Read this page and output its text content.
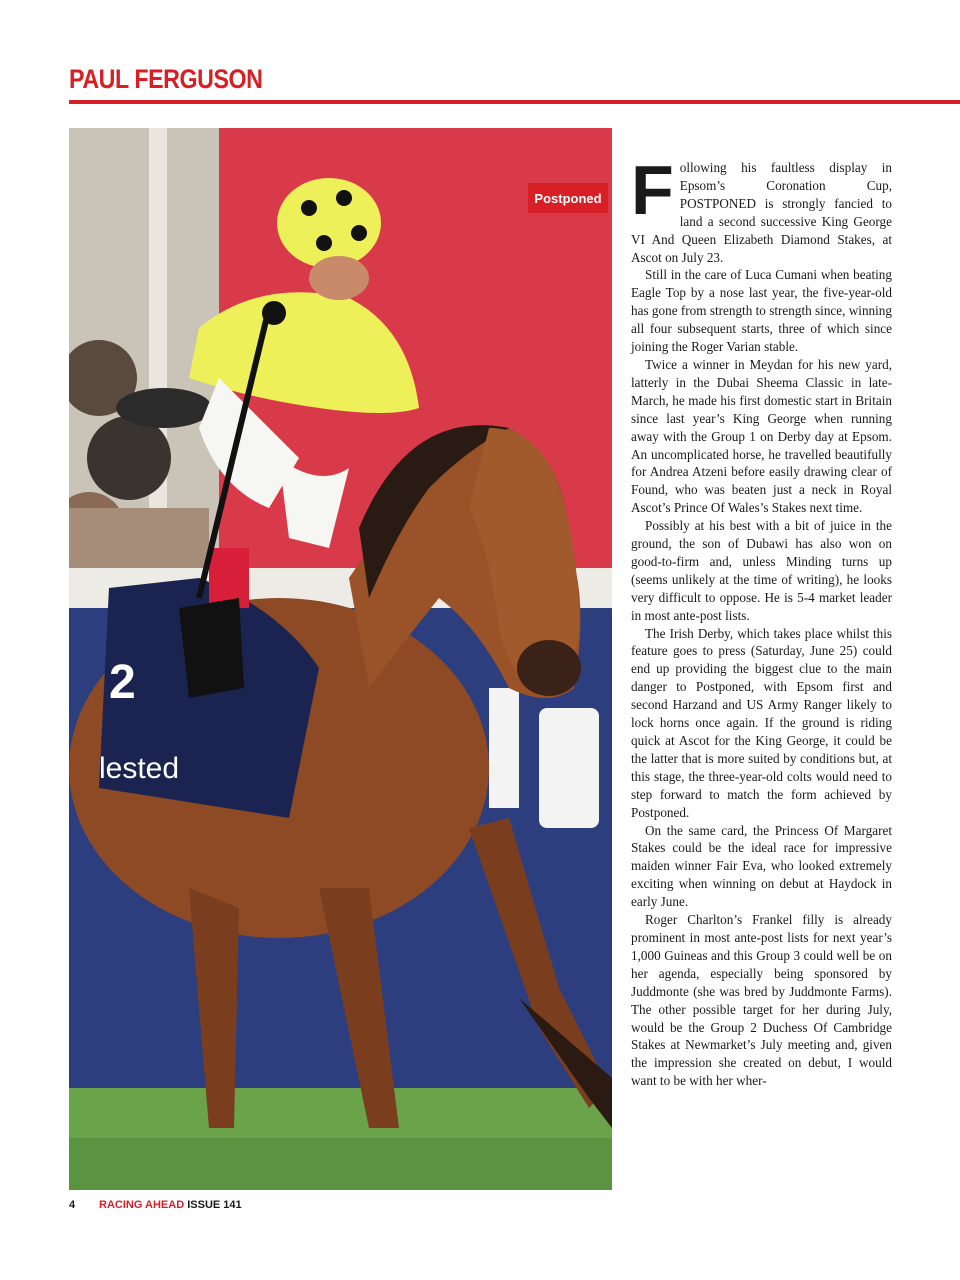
PAUL FERGUSON
2
lested
Postponed Following his faultless display in Epsom’s Coronation Cup, POSTPONED is strongly fancied to land a second successive King George VI And Queen Elizabeth Diamond Stakes, at Ascot on July 23.

Still in the care of Luca Cumani when beating Eagle Top by a nose last year, the five-year-old has gone from strength to strength since, winning all four subsequent starts, three of which since joining the Roger Varian stable.

Twice a winner in Meydan for his new yard, latterly in the Dubai Sheema Classic in late-March, he made his first domestic start in Britain since last year’s King George when running away with the Group 1 on Derby day at Epsom. An uncomplicated horse, he travelled beautifully for Andrea Atzeni before easily drawing clear of Found, who was beaten just a neck in Royal Ascot’s Prince Of Wales’s Stakes next time.

Possibly at his best with a bit of juice in the ground, the son of Dubawi has also won on good-to-firm and, unless Minding turns up (seems unlikely at the time of writing), he looks very difficult to oppose. He is 5-4 market leader in most ante-post lists.

The Irish Derby, which takes place whilst this feature goes to press (Saturday, June 25) could end up providing the biggest clue to the main danger to Postponed, with Epsom first and second Harzand and US Army Ranger likely to lock horns once again. If the ground is riding quick at Ascot for the King George, it could be the latter that is more suited by conditions but, at this stage, the three-year-old colts would need to step forward to match the form achieved by Postponed.

On the same card, the Princess Of Margaret Stakes could be the ideal race for impressive maiden winner Fair Eva, who looked extremely exciting when winning on debut at Haydock in early June.

Roger Charlton’s Frankel filly is already prominent in most ante-post lists for next year’s 1,000 Guineas and this Group 3 could well be on her agenda, especially being sponsored by Juddmonte (she was bred by Juddmonte Farms). The other possible target for her during July, would be the Group 2 Duchess Of Cambridge Stakes at Newmarket’s July meeting and, given the impression she created on debut, I would want to be with her wher-

4 RACING AHEAD ISSUE 141
